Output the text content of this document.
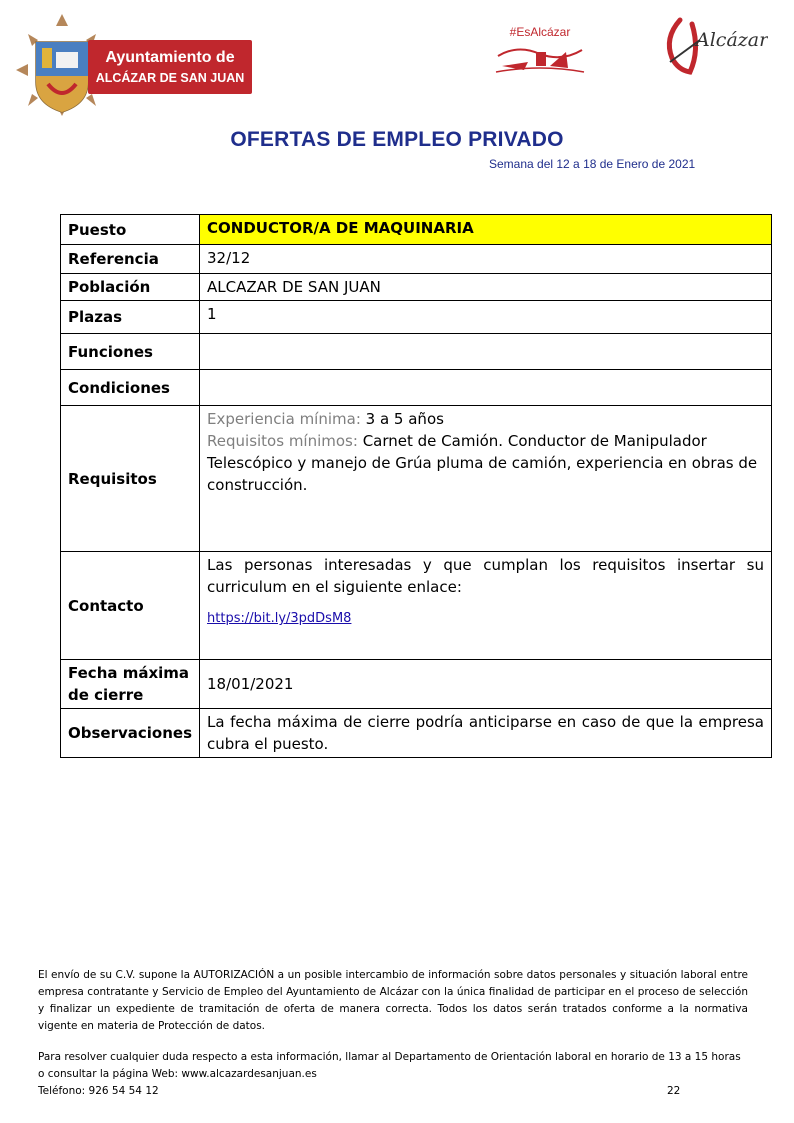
Ayuntamiento de
ALCÁZAR DE SAN JUAN
#EsAlcázar	Alcázar
OFERTAS DE EMPLEO PRIVADO

Semana del 12 a 18 de Enero de 2021

Puesto	CONDUCTOR/A DE MAQUINARIA
Referencia	32/12
Población	ALCAZAR DE SAN JUAN
Plazas	1
Funciones	
Condiciones	
Requisitos	Experiencia mínima: 3 a 5 años
Requisitos mínimos: Carnet de Camión. Conductor de Manipulador Telescópico y manejo de Grúa pluma de camión, experiencia en obras de construcción.
Contacto	Las personas interesadas y que cumplan los requisitos insertar su curriculum en el siguiente enlace:
https://bit.ly/3pdDsM8

Fecha máxima de cierre	18/01/2021
Observaciones	La fecha máxima de cierre podría anticiparse en caso de que la empresa cubra el puesto.
El envío de su C.V. supone la AUTORIZACIÓN a un posible intercambio de información sobre datos personales y situación laboral entre empresa contratante y Servicio de Empleo del Ayuntamiento de Alcázar con la única finalidad de participar en el proceso de selección y finalizar un expediente de tramitación de oferta de manera correcta. Todos los datos serán tratados conforme a la normativa vigente en materia de Protección de datos.
Para resolver cualquier duda respecto a esta información, llamar al Departamento de Orientación laboral en horario de 13 a 15 horas o consultar la página Web: www.alcazardesanjuan.es
Teléfono: 926 54 54 12	22
